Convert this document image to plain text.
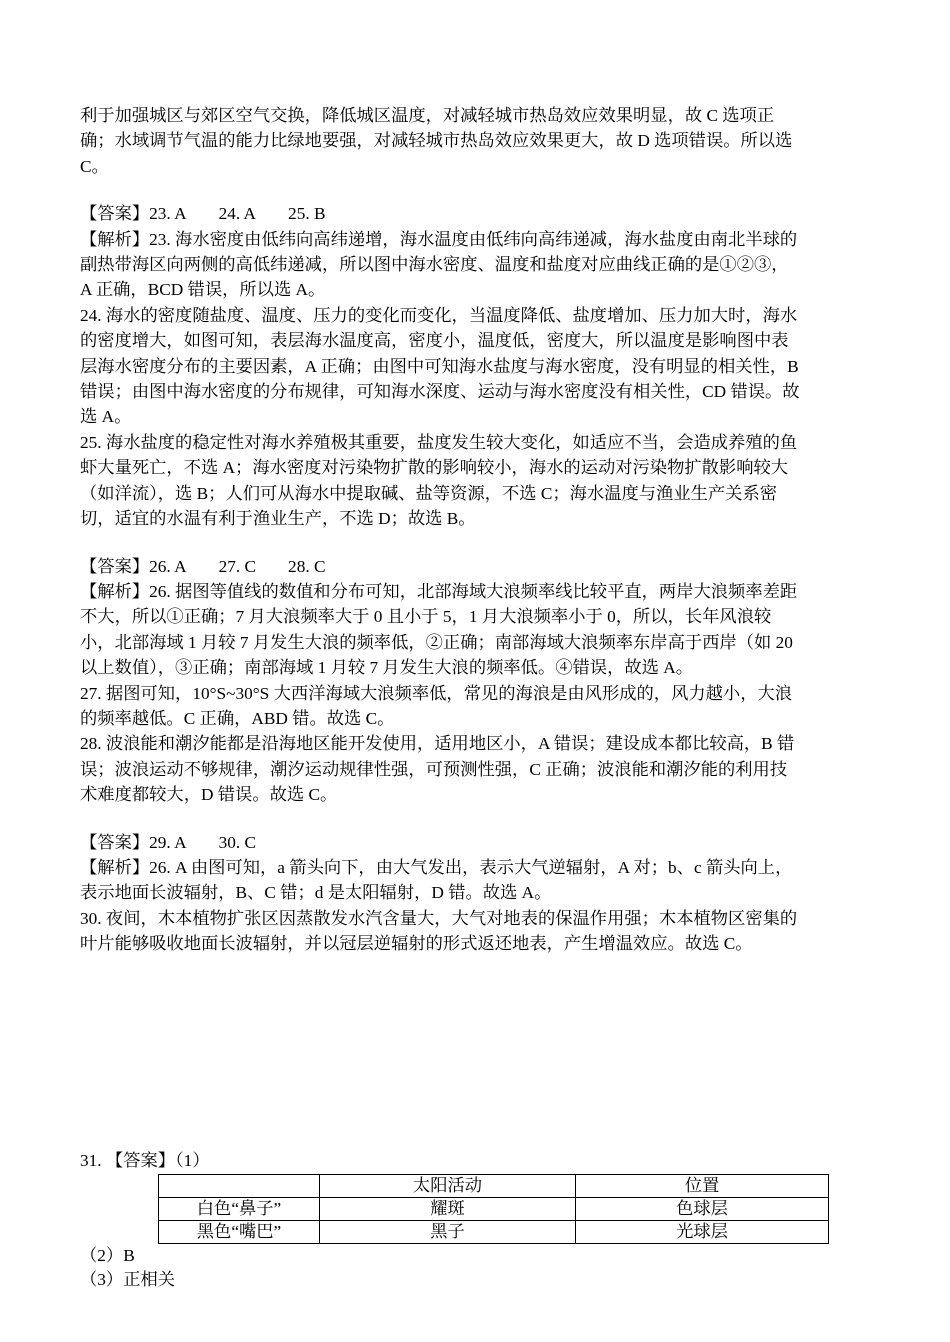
利于加强城区与郊区空气交换，降低城区温度，对减轻城市热岛效应效果明显，故 C 选项正

确；水域调节气温的能力比绿地要强，对减轻城市热岛效应效果更大，故 D 选项错误。所以选

C。

【答案】23. A 24. A 25. B

【解析】23. 海水密度由低纬向高纬递增，海水温度由低纬向高纬递减，海水盐度由南北半球的

副热带海区向两侧的高低纬递减，所以图中海水密度、温度和盐度对应曲线正确的是①②③，

A 正确，BCD 错误，所以选 A。

24. 海水的密度随盐度、温度、压力的变化而变化，当温度降低、盐度增加、压力加大时，海水

的密度增大，如图可知，表层海水温度高，密度小，温度低，密度大，所以温度是影响图中表

层海水密度分布的主要因素，A 正确；由图中可知海水盐度与海水密度，没有明显的相关性，B

错误；由图中海水密度的分布规律，可知海水深度、运动与海水密度没有相关性，CD 错误。故

选 A。

25. 海水盐度的稳定性对海水养殖极其重要，盐度发生较大变化，如适应不当，会造成养殖的鱼

虾大量死亡，不选 A；海水密度对污染物扩散的影响较小，海水的运动对污染物扩散影响较大

（如洋流），选 B；人们可从海水中提取碱、盐等资源，不选 C；海水温度与渔业生产关系密

切，适宜的水温有利于渔业生产，不选 D；故选 B。

【答案】26. A 27. C 28. C

【解析】26. 据图等值线的数值和分布可知，北部海域大浪频率线比较平直，两岸大浪频率差距

不大，所以①正确；7 月大浪频率大于 0 且小于 5，1 月大浪频率小于 0，所以，长年风浪较

小，北部海域 1 月较 7 月发生大浪的频率低，②正确；南部海域大浪频率东岸高于西岸（如 20

以上数值），③正确；南部海域 1 月较 7 月发生大浪的频率低。④错误，故选 A。

27. 据图可知，10°S~30°S 大西洋海域大浪频率低，常见的海浪是由风形成的，风力越小，大浪

的频率越低。C 正确，ABD 错。故选 C。

28. 波浪能和潮汐能都是沿海地区能开发使用，适用地区小，A 错误；建设成本都比较高，B 错

误；波浪运动不够规律，潮汐运动规律性强，可预测性强，C 正确；波浪能和潮汐能的利用技

术难度都较大，D 错误。故选 C。

【答案】29. A 30. C

【解析】26. A 由图可知，a 箭头向下，由大气发出，表示大气逆辐射，A 对；b、c 箭头向上，

表示地面长波辐射，B、C 错；d 是太阳辐射，D 错。故选 A。

30. 夜间，木本植物扩张区因蒸散发水汽含量大，大气对地表的保温作用强；木本植物区密集的

叶片能够吸收地面长波辐射，并以冠层逆辐射的形式返还地表，产生增温效应。故选 C。

31. 【答案】（1）

	太阳活动	位置
白色“鼻子”	耀斑	色球层
黑色“嘴巴”	黑子	光球层

（2）B

（3）正相关
